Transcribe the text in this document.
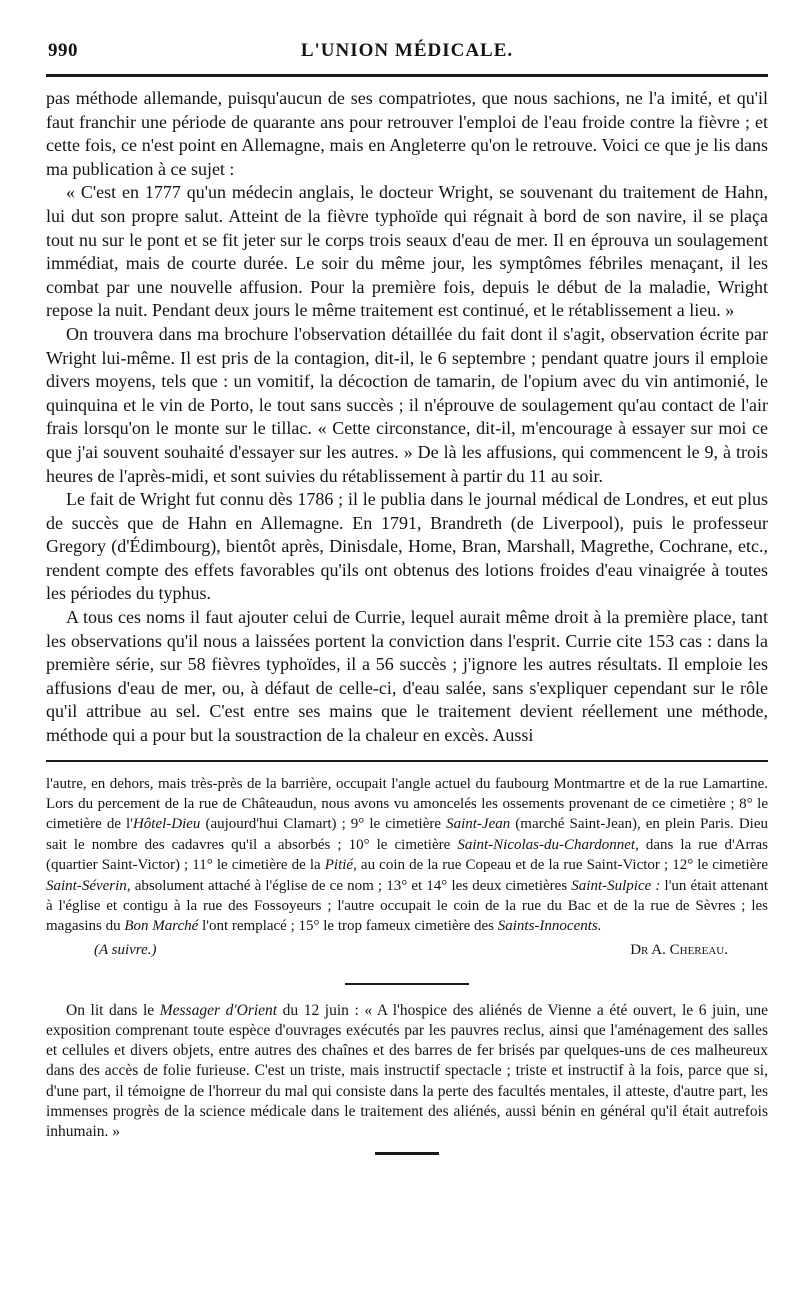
990	L'UNION MÉDICALE.

pas méthode allemande, puisqu'aucun de ses compatriotes, que nous sachions, ne l'a imité, et qu'il faut franchir une période de quarante ans pour retrouver l'emploi de l'eau froide contre la fièvre ; et cette fois, ce n'est point en Allemagne, mais en Angleterre qu'on le retrouve. Voici ce que je lis dans ma publication à ce sujet :

« C'est en 1777 qu'un médecin anglais, le docteur Wright, se souvenant du traitement de Hahn, lui dut son propre salut. Atteint de la fièvre typhoïde qui régnait à bord de son navire, il se plaça tout nu sur le pont et se fit jeter sur le corps trois seaux d'eau de mer. Il en éprouva un soulagement immédiat, mais de courte durée. Le soir du même jour, les symptômes fébriles menaçant, il les combat par une nouvelle affusion. Pour la première fois, depuis le début de la maladie, Wright repose la nuit. Pendant deux jours le même traitement est continué, et le rétablissement a lieu. »

On trouvera dans ma brochure l'observation détaillée du fait dont il s'agit, observation écrite par Wright lui-même. Il est pris de la contagion, dit-il, le 6 septembre ; pendant quatre jours il emploie divers moyens, tels que : un vomitif, la décoction de tamarin, de l'opium avec du vin antimonié, le quinquina et le vin de Porto, le tout sans succès ; il n'éprouve de soulagement qu'au contact de l'air frais lorsqu'on le monte sur le tillac. « Cette circonstance, dit-il, m'encourage à essayer sur moi ce que j'ai souvent souhaité d'essayer sur les autres. » De là les affusions, qui commencent le 9, à trois heures de l'après-midi, et sont suivies du rétablissement à partir du 11 au soir.

Le fait de Wright fut connu dès 1786 ; il le publia dans le journal médical de Londres, et eut plus de succès que de Hahn en Allemagne. En 1791, Brandreth (de Liverpool), puis le professeur Gregory (d'Édimbourg), bientôt après, Dinisdale, Home, Bran, Marshall, Magrethe, Cochrane, etc., rendent compte des effets favorables qu'ils ont obtenus des lotions froides d'eau vinaigrée à toutes les périodes du typhus.

A tous ces noms il faut ajouter celui de Currie, lequel aurait même droit à la première place, tant les observations qu'il nous a laissées portent la conviction dans l'esprit. Currie cite 153 cas : dans la première série, sur 58 fièvres typhoïdes, il a 56 succès ; j'ignore les autres résultats. Il emploie les affusions d'eau de mer, ou, à défaut de celle-ci, d'eau salée, sans s'expliquer cependant sur le rôle qu'il attribue au sel. C'est entre ses mains que le traitement devient réellement une méthode, méthode qui a pour but la soustraction de la chaleur en excès. Aussi

l'autre, en dehors, mais très-près de la barrière, occupait l'angle actuel du faubourg Montmartre et de la rue Lamartine. Lors du percement de la rue de Châteaudun, nous avons vu amoncelés les ossements provenant de ce cimetière ; 8° le cimetière de l'Hôtel-Dieu (aujourd'hui Clamart) ; 9° le cimetière Saint-Jean (marché Saint-Jean), en plein Paris. Dieu sait le nombre des cadavres qu'il a absorbés ; 10° le cimetière Saint-Nicolas-du-Chardonnet, dans la rue d'Arras (quartier Saint-Victor) ; 11° le cimetière de la Pitié, au coin de la rue Copeau et de la rue Saint-Victor ; 12° le cimetière Saint-Séverin, absolument attaché à l'église de ce nom ; 13° et 14° les deux cimetières Saint-Sulpice : l'un était attenant à l'église et contigu à la rue des Fossoyeurs ; l'autre occupait le coin de la rue du Bac et de la rue de Sèvres ; les magasins du Bon Marché l'ont remplacé ; 15° le trop fameux cimetière des Saints-Innocents.

(A suivre.)	Dr A. Chereau.

On lit dans le Messager d'Orient du 12 juin : « A l'hospice des aliénés de Vienne a été ouvert, le 6 juin, une exposition comprenant toute espèce d'ouvrages exécutés par les pauvres reclus, ainsi que l'aménagement des salles et cellules et divers objets, entre autres des chaînes et des barres de fer brisés par quelques-uns de ces malheureux dans des accès de folie furieuse. C'est un triste, mais instructif spectacle ; triste et instructif à la fois, parce que si, d'une part, il témoigne de l'horreur du mal qui consiste dans la perte des facultés mentales, il atteste, d'autre part, les immenses progrès de la science médicale dans le traitement des aliénés, aussi bénin en général qu'il était autrefois inhumain. »
